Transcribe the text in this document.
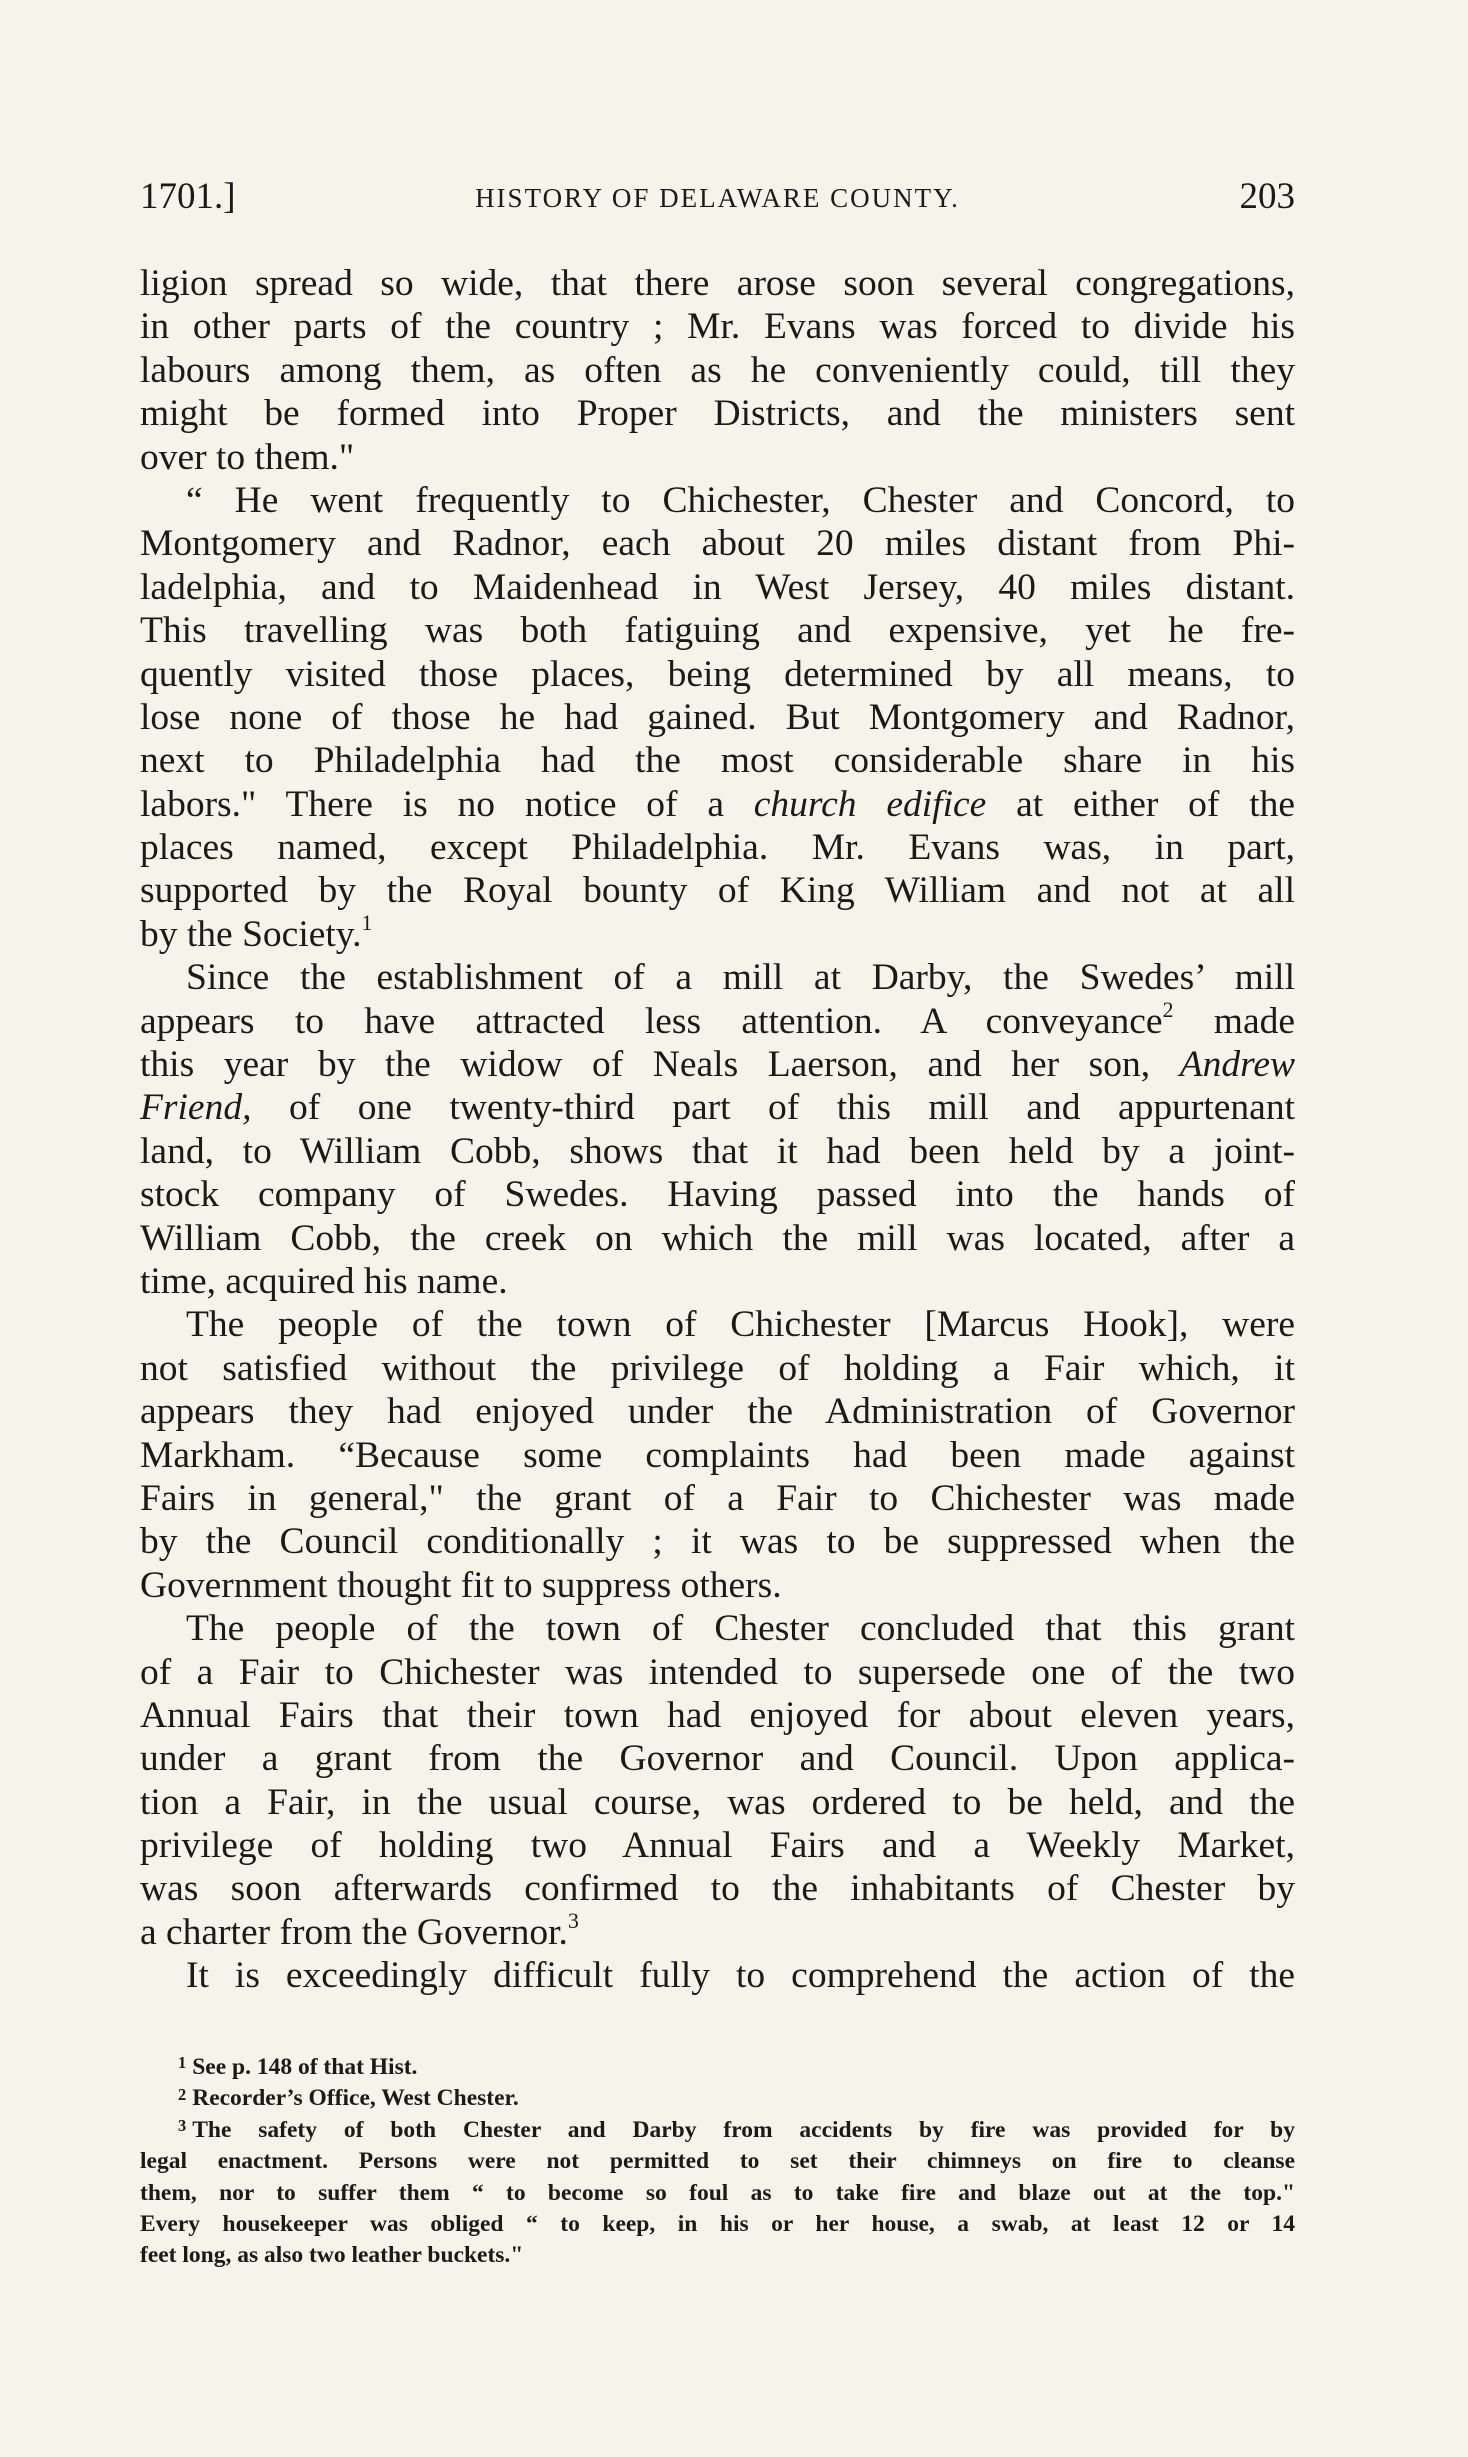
1701.]	HISTORY OF DELAWARE COUNTY.	203
ligion spread so wide, that there arose soon several congregations,
in other parts of the country ; Mr. Evans was forced to divide his
labours among them, as often as he conveniently could, till they
might be formed into Proper Districts, and the ministers sent
over to them."
“ He went frequently to Chichester, Chester and Concord, to
Montgomery and Radnor, each about 20 miles distant from Phi-
ladelphia, and to Maidenhead in West Jersey, 40 miles distant.
This travelling was both fatiguing and expensive, yet he fre-
quently visited those places, being determined by all means, to
lose none of those he had gained. But Montgomery and Radnor,
next to Philadelphia had the most considerable share in his
labors." There is no notice of a church edifice at either of the
places named, except Philadelphia. Mr. Evans was, in part,
supported by the Royal bounty of King William and not at all
by the Society.$^1$
Since the establishment of a mill at Darby, the Swedes’ mill
appears to have attracted less attention. A conveyance$^2$ made
this year by the widow of Neals Laerson, and her son, Andrew
Friend, of one twenty-third part of this mill and appurtenant
land, to William Cobb, shows that it had been held by a joint-
stock company of Swedes. Having passed into the hands of
William Cobb, the creek on which the mill was located, after a
time, acquired his name.
The people of the town of Chichester [Marcus Hook], were
not satisfied without the privilege of holding a Fair which, it
appears they had enjoyed under the Administration of Governor
Markham. “Because some complaints had been made against
Fairs in general," the grant of a Fair to Chichester was made
by the Council conditionally ; it was to be suppressed when the
Government thought fit to suppress others.
The people of the town of Chester concluded that this grant
of a Fair to Chichester was intended to supersede one of the two
Annual Fairs that their town had enjoyed for about eleven years,
under a grant from the Governor and Council. Upon applica-
tion a Fair, in the usual course, was ordered to be held, and the
privilege of holding two Annual Fairs and a Weekly Market,
was soon afterwards confirmed to the inhabitants of Chester by
a charter from the Governor.$^3$
It is exceedingly difficult fully to comprehend the action of the
$^1$ See p. 148 of that Hist.
$^2$ Recorder’s Office, West Chester.
$^3$ The safety of both Chester and Darby from accidents by fire was provided for by
legal enactment. Persons were not permitted to set their chimneys on fire to cleanse
them, nor to suffer them “ to become so foul as to take fire and blaze out at the top."
Every housekeeper was obliged “ to keep, in his or her house, a swab, at least 12 or 14
feet long, as also two leather buckets."
